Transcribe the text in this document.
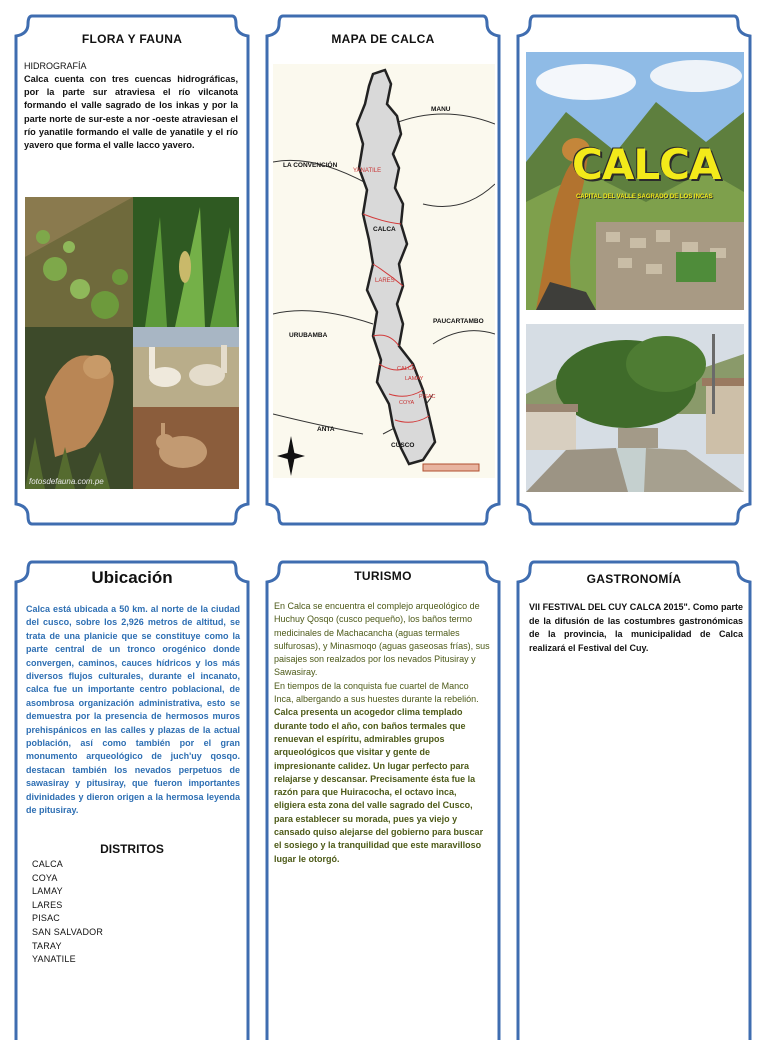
FLORA Y FAUNA
HIDROGRAFÍA
Calca cuenta con tres cuencas hidrográficas, por la parte sur atraviesa el río vilcanota formando el valle sagrado de los inkas y por la parte norte de sur-este a nor -oeste atraviesan el río yanatile formando el valle de yanatile y el río yavero que forma el valle lacco yavero.
fotosdefauna.com.pe
MAPA DE CALCA
MANU
LA CONVENCIÓN
YANATILE
CALCA
LARES
PAUCARTAMBO
URUBAMBA
CALCA
LAMAY
COYA
PISAC
ANTA
CUSCO
CALCA
CAPITAL DEL VALLE SAGRADO DE LOS INCAS
Ubicación
Calca está ubicada a 50 km. al norte de la ciudad del cusco, sobre los 2,926 metros de altitud, se trata de una planicie que se constituye como la parte central de un tronco orogénico donde convergen, caminos, cauces hídricos y los más diversos flujos culturales, durante el incanato, calca fue un importante centro poblacional, de asombrosa organización administrativa, esto se demuestra por la presencia de hermosos muros prehispánicos en las calles y plazas de la actual población, así como también por el gran monumento arqueológico de juch'uy qosqo. destacan también los nevados perpetuos de sawasiray y pitusiray, que fueron importantes divinidades y dieron origen a la hermosa leyenda de pitusiray.
DISTRITOS
CALCA
COYA
LAMAY
LARES
PISAC
SAN SALVADOR
TARAY
YANATILE
TURISMO
En Calca se encuentra el complejo arqueológico de Huchuy Qosqo (cusco pequeño), los baños termo medicinales de Machacancha (aguas termales sulfurosas), y Minasmoqo (aguas gaseosas frías), sus paisajes son realzados por los nevados Pitusiray y Sawasiray.
En tiempos de la conquista fue cuartel de Manco Inca, albergando a sus huestes durante la rebelión.
Calca presenta un acogedor clima templado durante todo el año, con baños termales que renuevan el espíritu, admirables grupos arqueológicos que visitar y gente de impresionante calidez. Un lugar perfecto para relajarse y descansar. Precisamente ésta fue la razón para que Huiracocha, el octavo inca, eligiera esta zona del valle sagrado del Cusco, para establecer su morada, pues ya viejo y cansado quiso alejarse del gobierno para buscar el sosiego y la tranquilidad que este maravilloso lugar le otorgó.
GASTRONOMÍA
VII FESTIVAL DEL CUY CALCA 2015". Como parte de la difusión de las costumbres gastronómicas de la provincia, la municipalidad de Calca realizará el Festival del Cuy.
